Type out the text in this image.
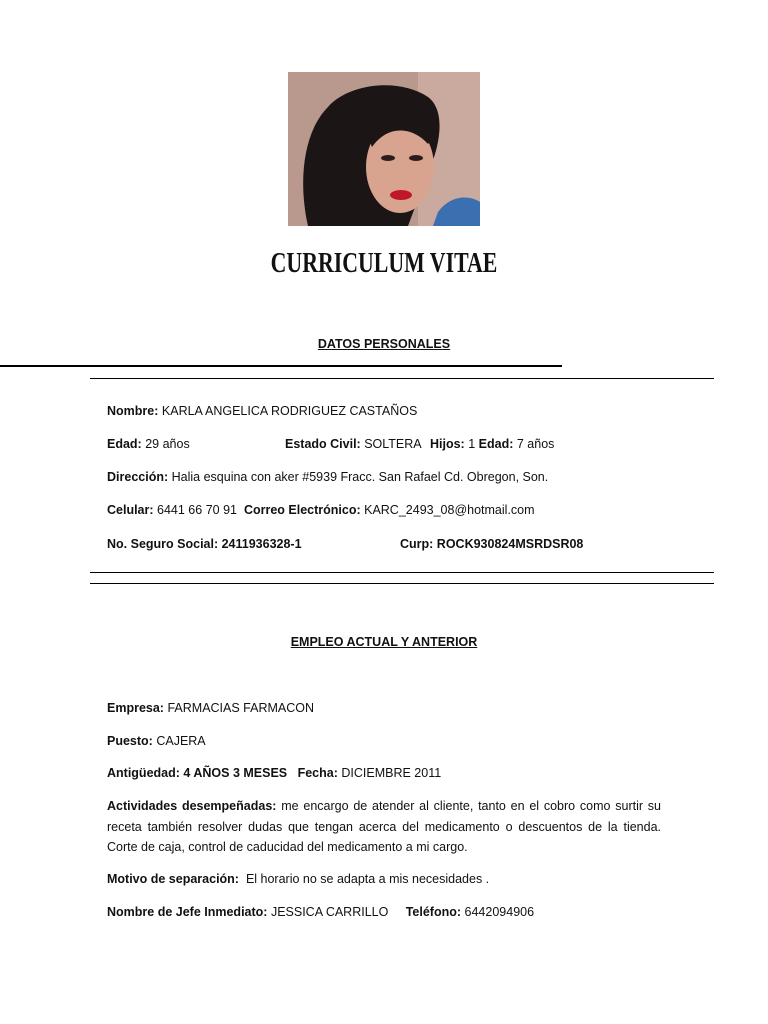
CURRICULUM VITAE
DATOS PERSONALES
Nombre: KARLA ANGELICA RODRIGUEZ CASTAÑOS
Edad: 29 años	Estado Civil: SOLTERA Hijos: 1 Edad: 7 años
Dirección: Halia esquina con aker #5939 Fracc. San Rafael Cd. Obregon, Son.
Celular: 6441 66 70 91 Correo Electrónico: KARC_2493_08@hotmail.com
No. Seguro Social: 2411936328-1	Curp: ROCK930824MSRDSR08
EMPLEO ACTUAL Y ANTERIOR
Empresa: FARMACIAS FARMACON
Puesto: CAJERA
Antigüedad: 4 AÑOS 3 MESES Fecha: DICIEMBRE 2011
Actividades desempeñadas: me encargo de atender al cliente, tanto en el cobro como surtir su receta también resolver dudas que tengan acerca del medicamento o descuentos de la tienda. Corte de caja, control de caducidad del medicamento a mi cargo.
Motivo de separación: El horario no se adapta a mis necesidades .
Nombre de Jefe Inmediato: JESSICA CARRILLO Teléfono: 6442094906
